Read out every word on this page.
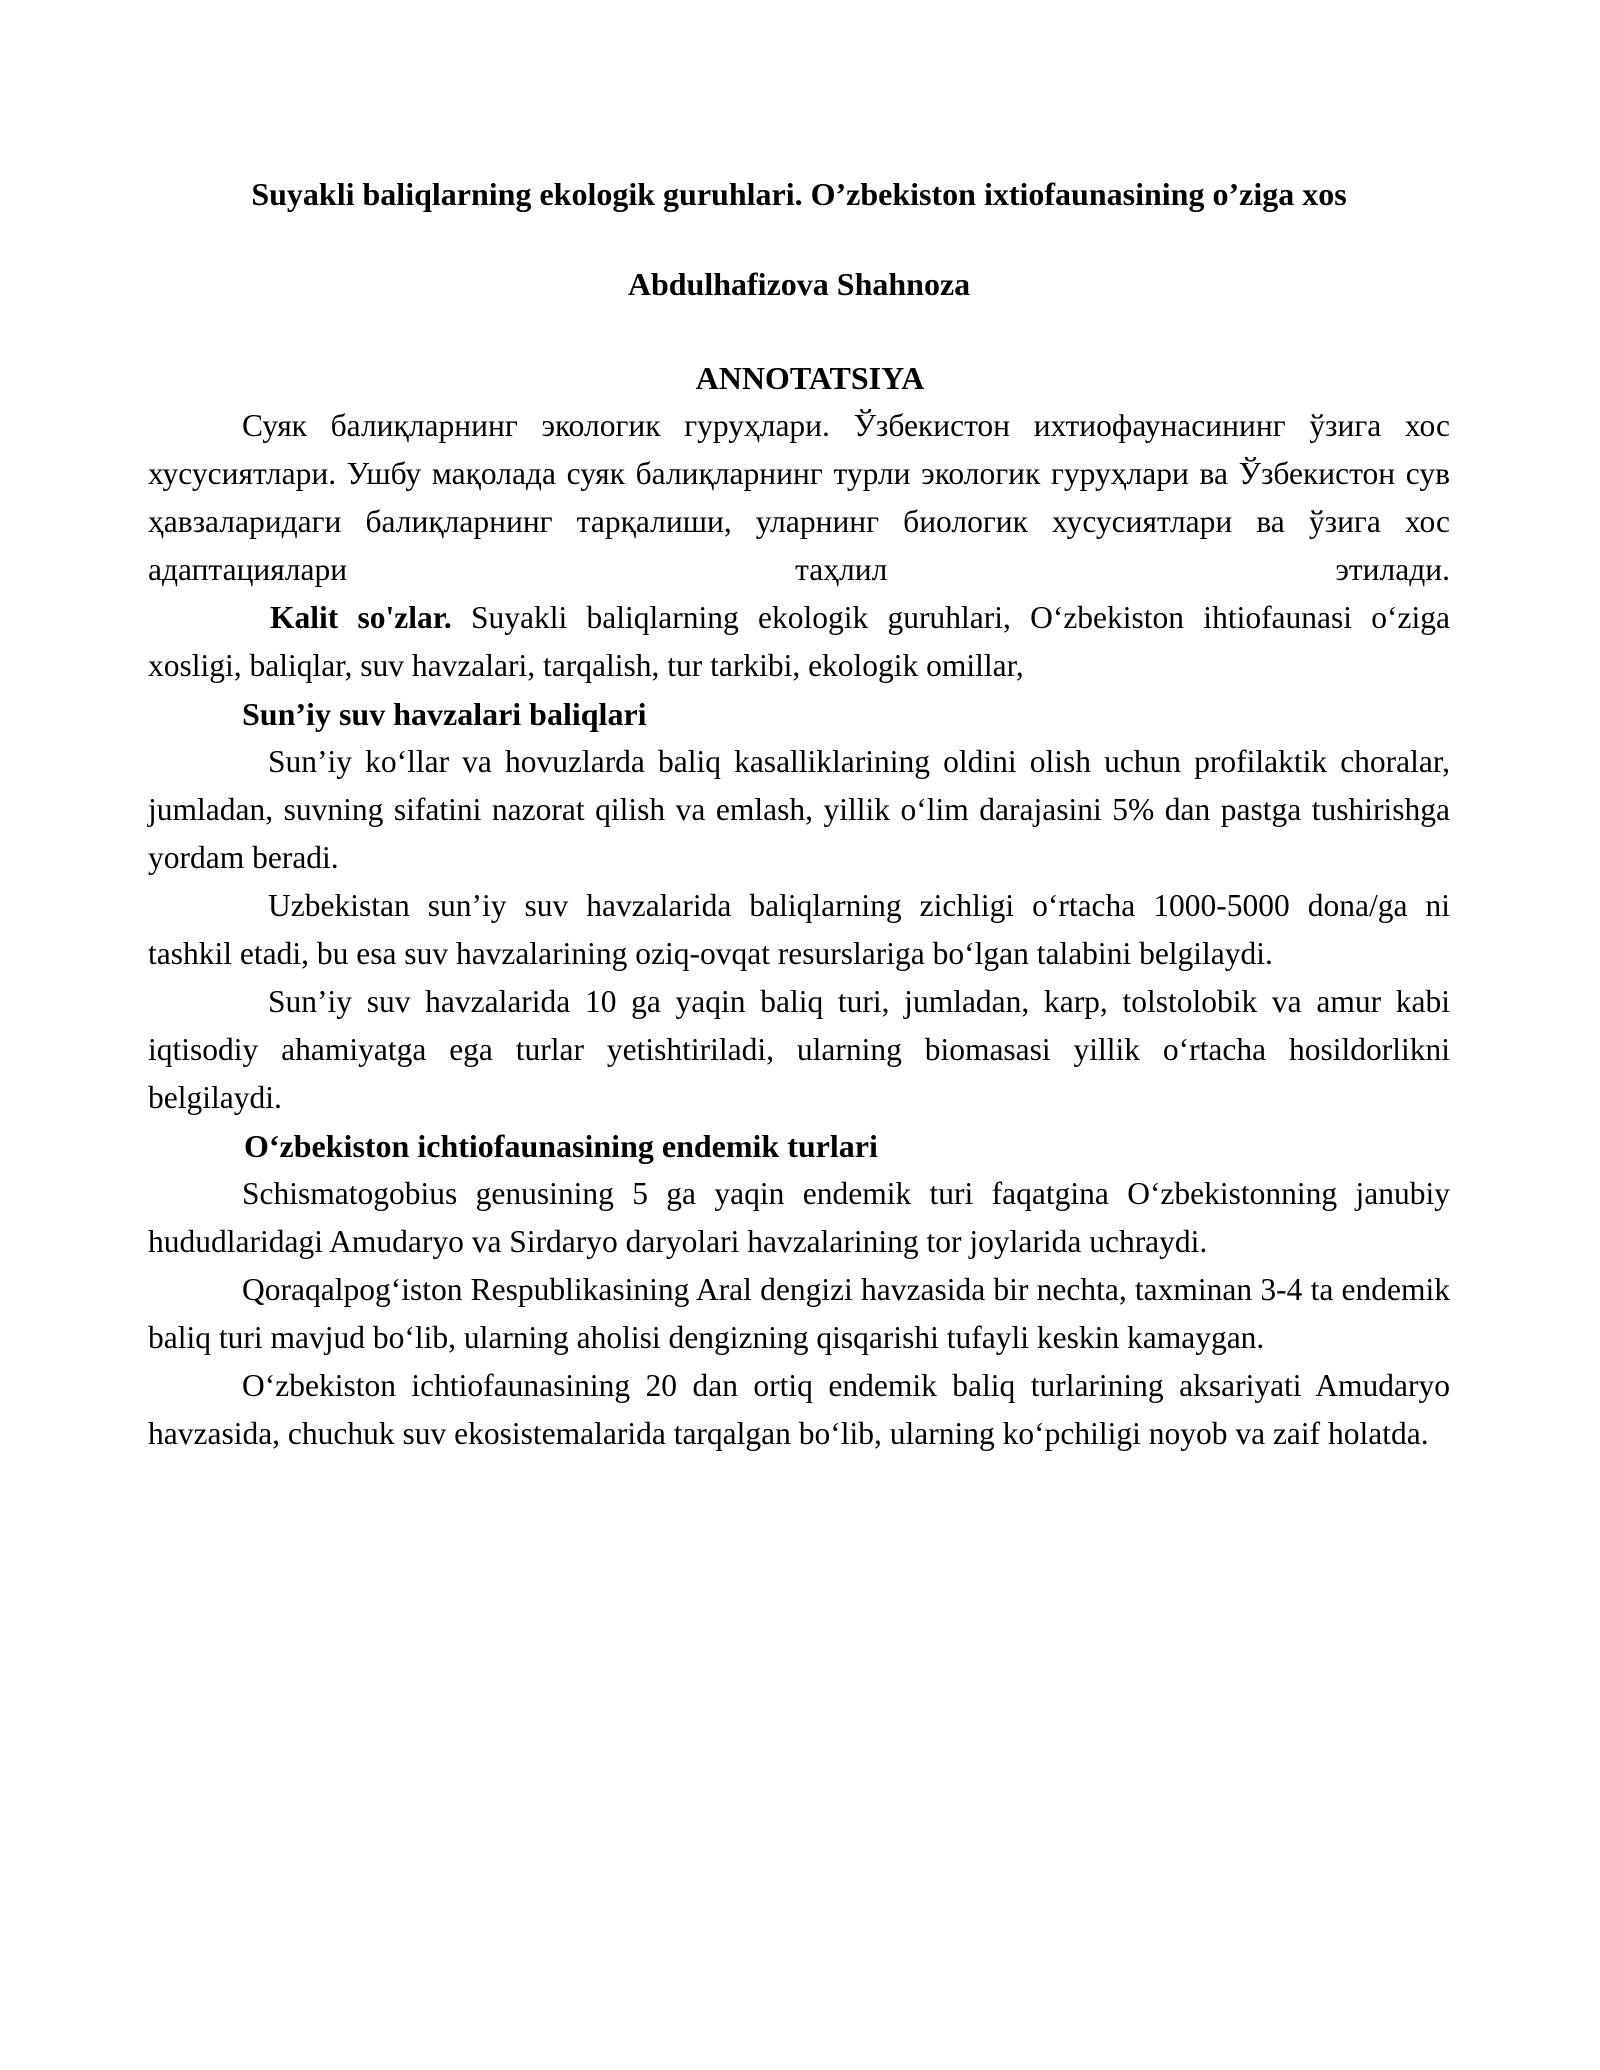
Suyakli baliqlarning ekologik guruhlari. O’zbekiston ixtiofaunasining o’ziga xos
Abdulhafizova Shahnoza
ANNOTATSIYA

Суяк балиқларнинг экологик гуруҳлари. Ўзбекистон ихтиофаунасининг ўзига хос хусусиятлари. Ушбу мақолада суяк балиқларнинг турли экологик гуруҳлари ва Ўзбекистон сув ҳавзаларидаги балиқларнинг тарқалиши, уларнинг биологик хусусиятлари ва ўзига хос адаптациялари таҳлил этилади.

Kalit so'zlar. Suyakli baliqlarning ekologik guruhlari, O‘zbekiston ihtiofaunasi o‘ziga xosligi, baliqlar, suv havzalari, tarqalish, tur tarkibi, ekologik omillar,

Sun’iy suv havzalari baliqlari

Sun’iy ko‘llar va hovuzlarda baliq kasalliklarining oldini olish uchun profilaktik choralar, jumladan, suvning sifatini nazorat qilish va emlash, yillik o‘lim darajasini 5% dan pastga tushirishga yordam beradi.

Uzbekistan sun’iy suv havzalarida baliqlarning zichligi o‘rtacha 1000-5000 dona/ga ni tashkil etadi, bu esa suv havzalarining oziq-ovqat resurslariga bo‘lgan talabini belgilaydi.

Sun’iy suv havzalarida 10 ga yaqin baliq turi, jumladan, karp, tolstolobik va amur kabi iqtisodiy ahamiyatga ega turlar yetishtiriladi, ularning biomasasi yillik o‘rtacha hosildorlikni belgilaydi.

O‘zbekiston ichtiofaunasining endemik turlari

Schismatogobius genusining 5 ga yaqin endemik turi faqatgina O‘zbekistonning janubiy hududlaridagi Amudaryo va Sirdaryo daryolari havzalarining tor joylarida uchraydi.

Qoraqalpog‘iston Respublikasining Aral dengizi havzasida bir nechta, taxminan 3-4 ta endemik baliq turi mavjud bo‘lib, ularning aholisi dengizning qisqarishi tufayli keskin kamaygan.

O‘zbekiston ichtiofaunasining 20 dan ortiq endemik baliq turlarining aksariyati Amudaryo havzasida, chuchuk suv ekosistemalarida tarqalgan bo‘lib, ularning ko‘pchiligi noyob va zaif holatda.
